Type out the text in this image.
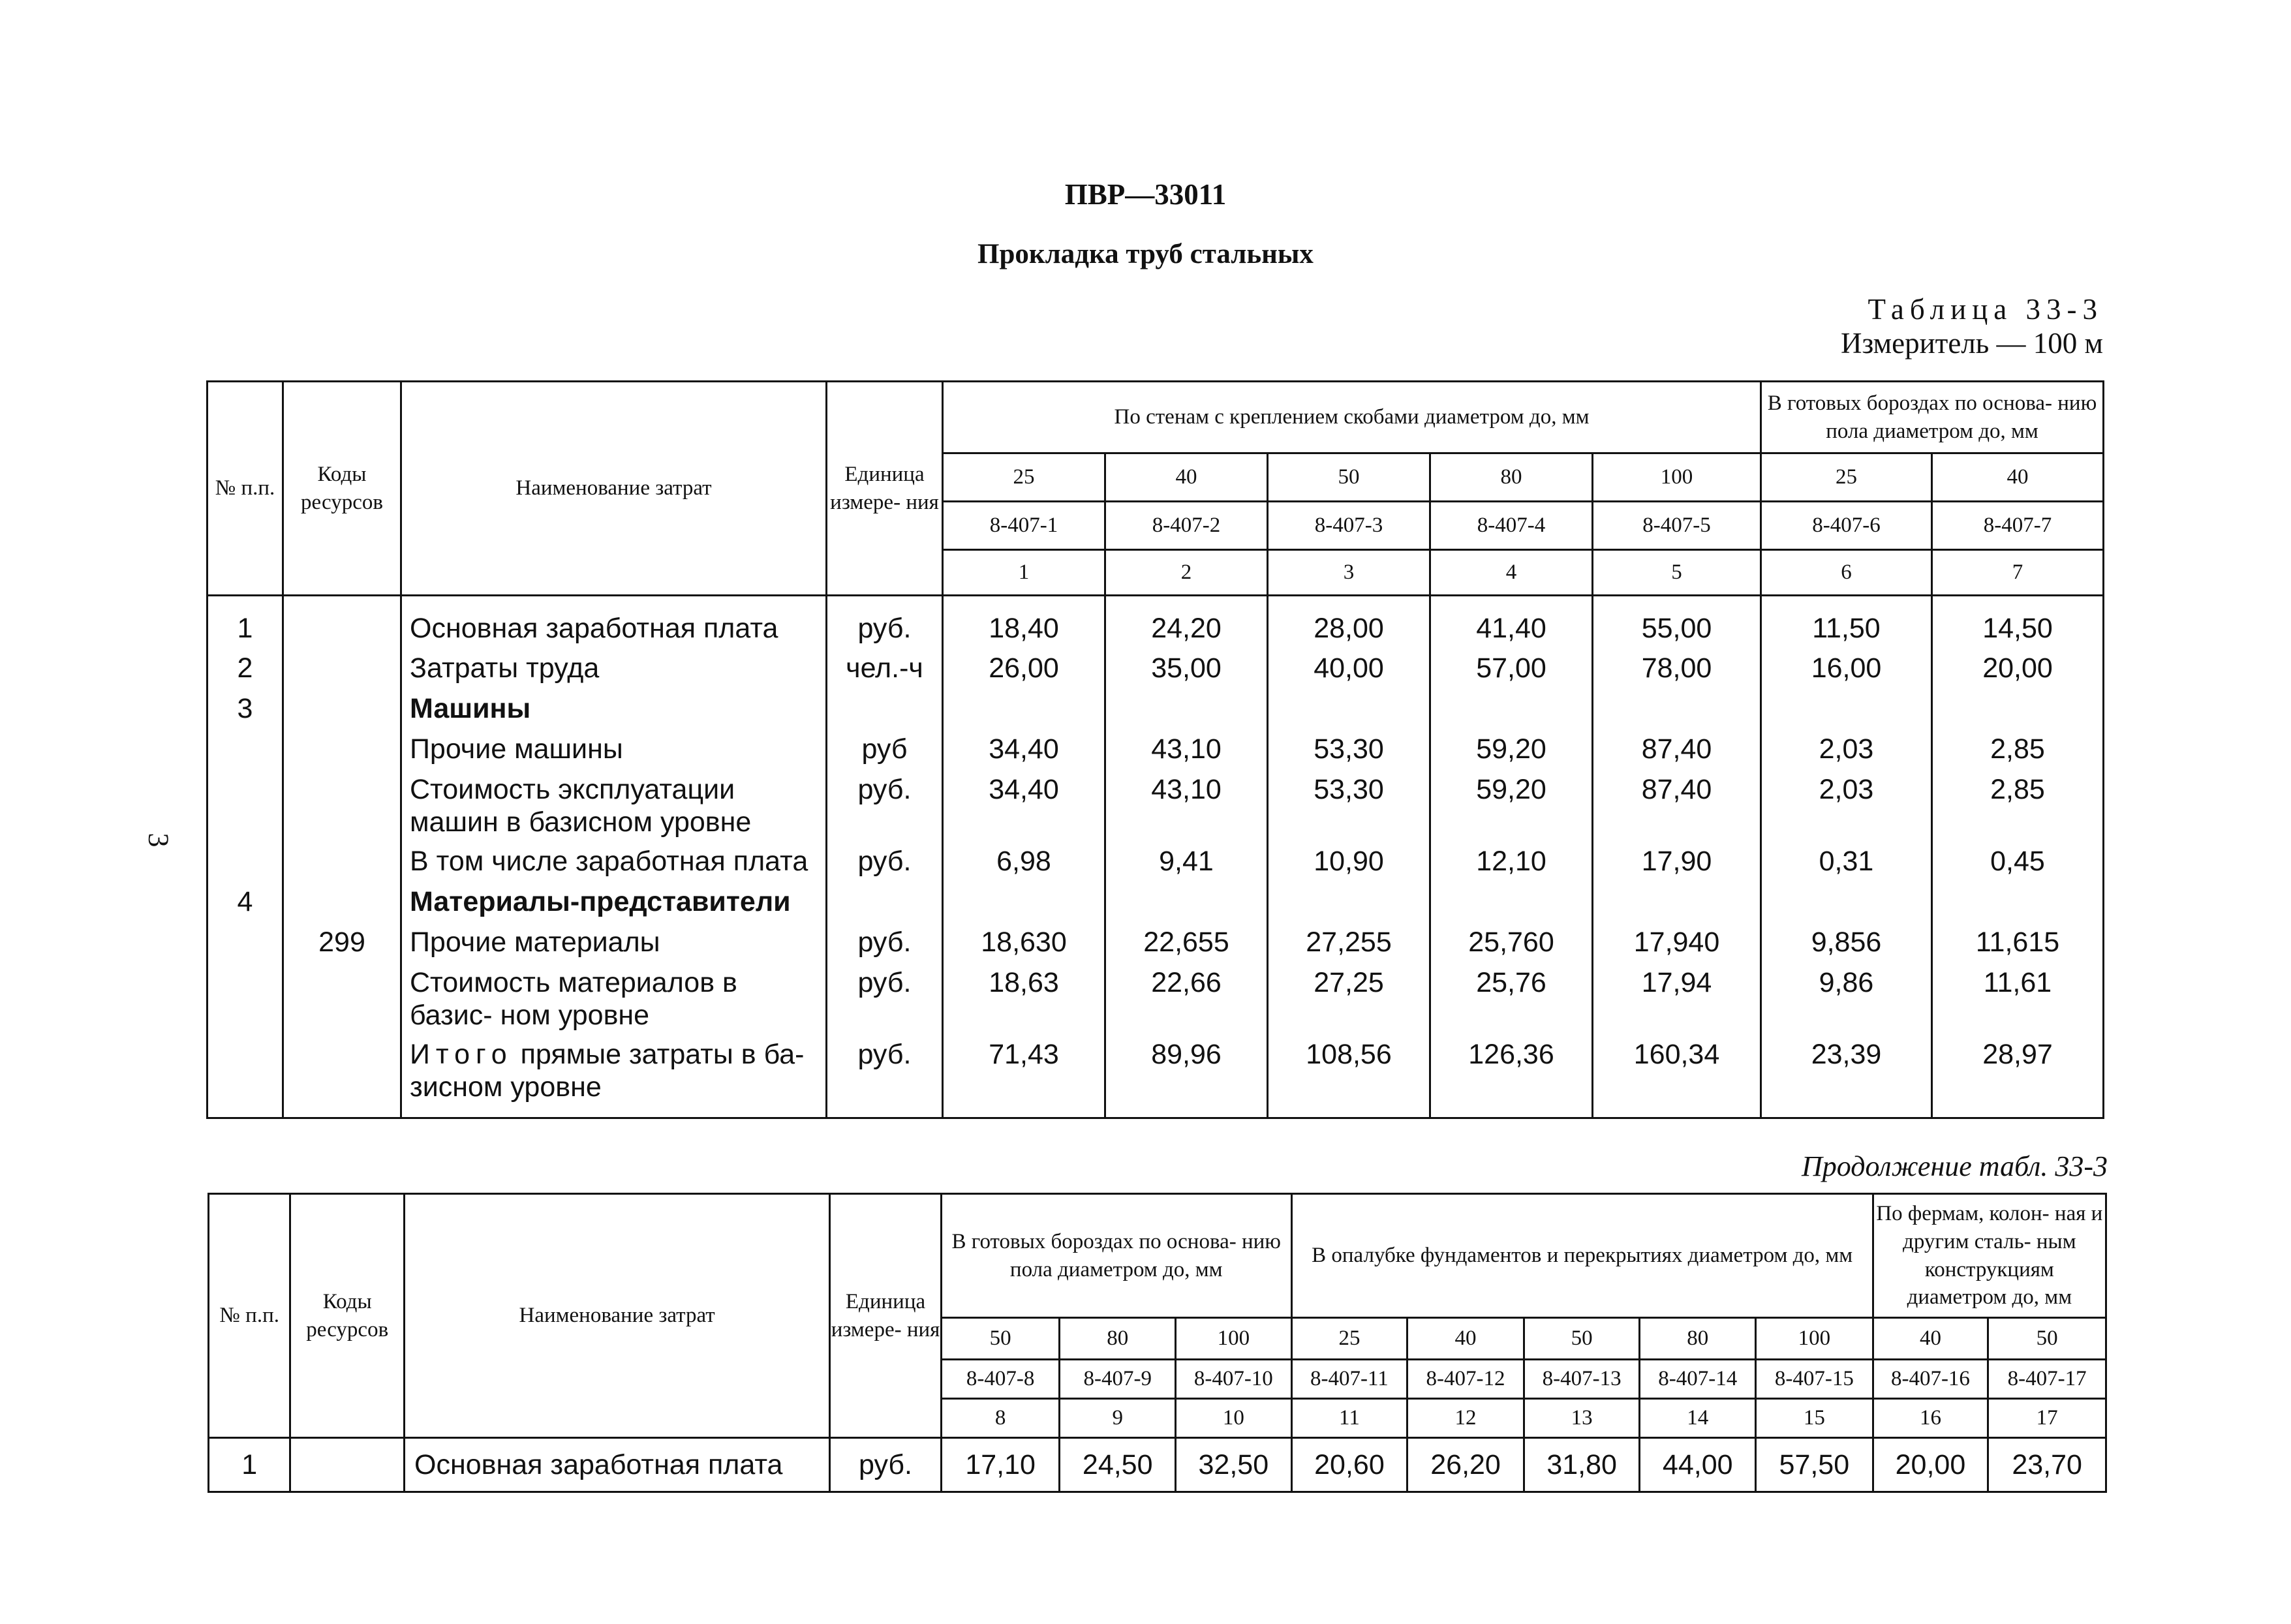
ПВР—33011
Прокладка труб стальных
Таблица 33-3
Измеритель — 100 м
3
№ п.п.	Коды ресурсов	Наименование затрат	Единица измере- ния	По стенам с креплением скобами диаметром до, мм					В готовых бороздах по основа- нию пола диаметром до, мм	
				25	40	50	80	100	25	40
				8-407-1	8-407-2	8-407-3	8-407-4	8-407-5	8-407-6	8-407-7
				1	2	3	4	5	6	7
1		Основная заработная плата	руб.	18,40	24,20	28,00	41,40	55,00	11,50	14,50
2		Затраты труда	чел.-ч	26,00	35,00	40,00	57,00	78,00	16,00	20,00
3		Машины								
		Прочие машины	руб	34,40	43,10	53,30	59,20	87,40	2,03	2,85
		Стоимость эксплуатации машин в базисном уровне	руб.	34,40	43,10	53,30	59,20	87,40	2,03	2,85
		В том числе заработная плата	руб.	6,98	9,41	10,90	12,10	17,90	0,31	0,45
4		Материалы-представители								
	299	Прочие материалы	руб.	18,630	22,655	27,255	25,760	17,940	9,856	11,615
		Стоимость материалов в базис- ном уровне	руб.	18,63	22,66	27,25	25,76	17,94	9,86	11,61
		Итого прямые затраты в ба- зисном уровне	руб.	71,43	89,96	108,56	126,36	160,34	23,39	28,97
Продолжение табл. 33-3
№ п.п.	Коды ресурсов	Наименование затрат	Единица измере- ния	В готовых бороздах по основа- нию пола диаметром до, мм			В опалубке фундаментов и перекрытиях диаметром до, мм					По фермам, колон- ная и другим сталь- ным конструкциям диаметром до, мм	
				50	80	100	25	40	50	80	100	40	50
				8-407-8	8-407-9	8-407-10	8-407-11	8-407-12	8-407-13	8-407-14	8-407-15	8-407-16	8-407-17
				8	9	10	11	12	13	14	15	16	17
1		Основная заработная плата	руб.	17,10	24,50	32,50	20,60	26,20	31,80	44,00	57,50	20,00	23,70
